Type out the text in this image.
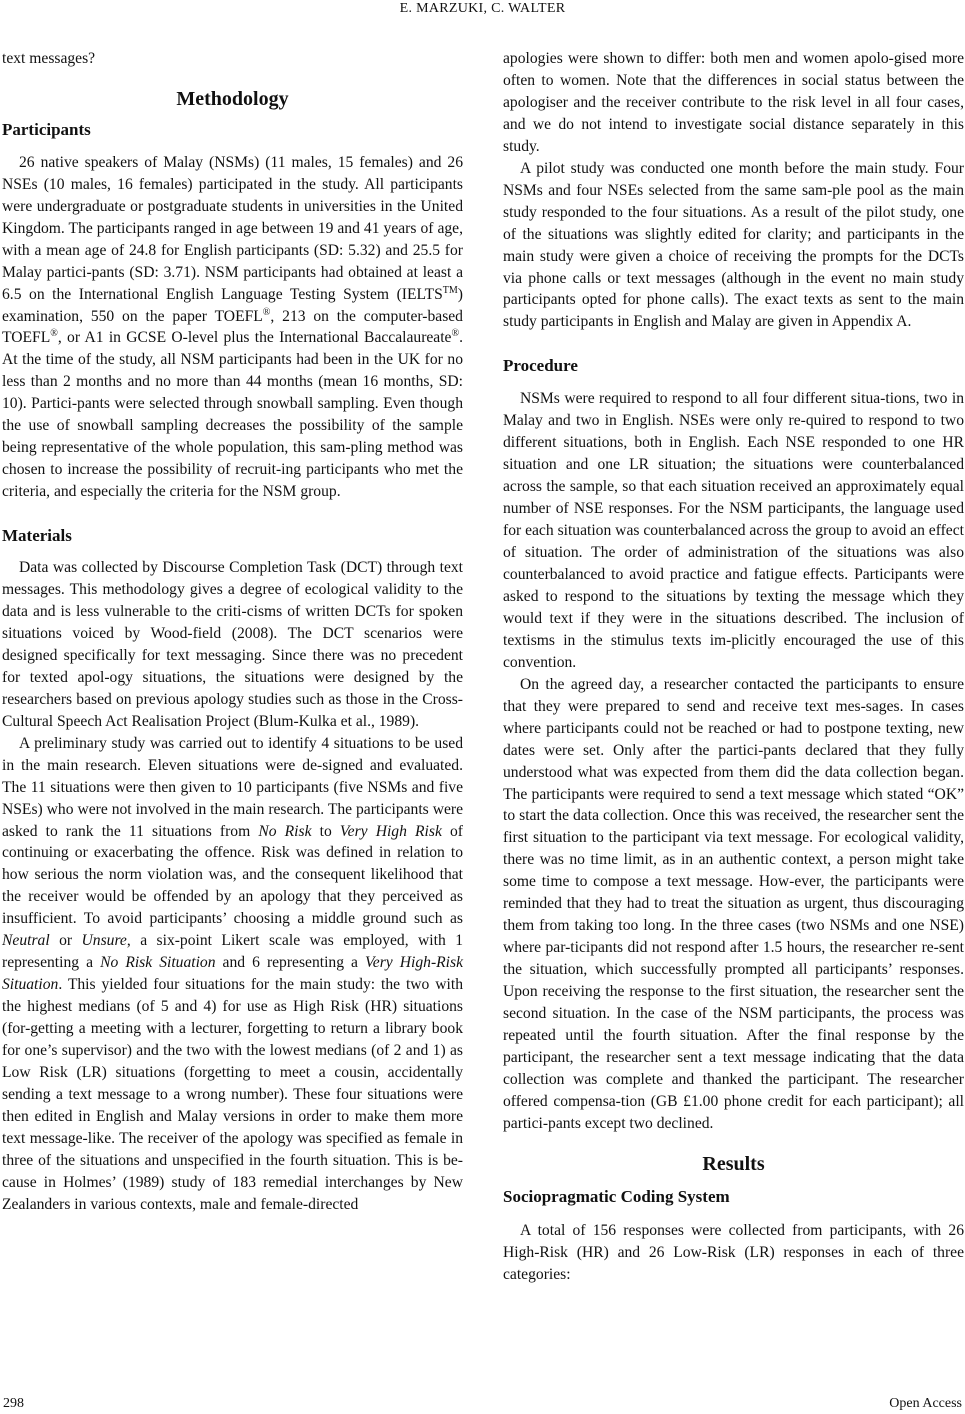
E. MARZUKI, C. WALTER

text messages?

Methodology
Participants

26 native speakers of Malay (NSMs) (11 males, 15 females) and 26 NSEs (10 males, 16 females) participated in the study. All participants were undergraduate or postgraduate students in universities in the United Kingdom. The participants ranged in age between 19 and 41 years of age, with a mean age of 24.8 for English participants (SD: 5.32) and 25.5 for Malay partici-pants (SD: 3.71). NSM participants had obtained at least a 6.5 on the International English Language Testing System (IELTS™) examination, 550 on the paper TOEFL®, 213 on the computer-based TOEFL®, or A1 in GCSE O-level plus the International Baccalaureate®. At the time of the study, all NSM participants had been in the UK for no less than 2 months and no more than 44 months (mean 16 months, SD: 10). Partici-pants were selected through snowball sampling. Even though the use of snowball sampling decreases the possibility of the sample being representative of the whole population, this sam-pling method was chosen to increase the possibility of recruit-ing participants who met the criteria, and especially the criteria for the NSM group.

Materials

Data was collected by Discourse Completion Task (DCT) through text messages. This methodology gives a degree of ecological validity to the data and is less vulnerable to the criti-cisms of written DCTs for spoken situations voiced by Wood-field (2008). The DCT scenarios were designed specifically for text messaging. Since there was no precedent for texted apol-ogy situations, the situations were designed by the researchers based on previous apology studies such as those in the Cross-Cultural Speech Act Realisation Project (Blum-Kulka et al., 1989).

A preliminary study was carried out to identify 4 situations to be used in the main research. Eleven situations were de-signed and evaluated. The 11 situations were then given to 10 participants (five NSMs and five NSEs) who were not involved in the main research. The participants were asked to rank the 11 situations from No Risk to Very High Risk of continuing or exacerbating the offence. Risk was defined in relation to how serious the norm violation was, and the consequent likelihood that the receiver would be offended by an apology that they perceived as insufficient. To avoid participants’ choosing a middle ground such as Neutral or Unsure, a six-point Likert scale was employed, with 1 representing a No Risk Situation and 6 representing a Very High-Risk Situation. This yielded four situations for the main study: the two with the highest medians (of 5 and 4) for use as High Risk (HR) situations (for-getting a meeting with a lecturer, forgetting to return a library book for one’s supervisor) and the two with the lowest medians (of 2 and 1) as Low Risk (LR) situations (forgetting to meet a cousin, accidentally sending a text message to a wrong number). These four situations were then edited in English and Malay versions in order to make them more text message-like. The receiver of the apology was specified as female in three of the situations and unspecified in the fourth situation. This is be-cause in Holmes’ (1989) study of 183 remedial interchanges by New Zealanders in various contexts, male and female-directed

apologies were shown to differ: both men and women apolo-gised more often to women. Note that the differences in social status between the apologiser and the receiver contribute to the risk level in all four cases, and we do not intend to investigate social distance separately in this study.

A pilot study was conducted one month before the main study. Four NSMs and four NSEs selected from the same sam-ple pool as the main study responded to the four situations. As a result of the pilot study, one of the situations was slightly edited for clarity; and participants in the main study were given a choice of receiving the prompts for the DCTs via phone calls or text messages (although in the event no main study participants opted for phone calls). The exact texts as sent to the main study participants in English and Malay are given in Appendix A.

Procedure

NSMs were required to respond to all four different situa-tions, two in Malay and two in English. NSEs were only re-quired to respond to two different situations, both in English. Each NSE responded to one HR situation and one LR situation; the situations were counterbalanced across the sample, so that each situation received an approximately equal number of NSE responses. For the NSM participants, the language used for each situation was counterbalanced across the group to avoid an effect of situation. The order of administration of the situations was also counterbalanced to avoid practice and fatigue effects. Participants were asked to respond to the situations by texting the message which they would text if they were in the situations described. The inclusion of textisms in the stimulus texts im-plicitly encouraged the use of this convention.

On the agreed day, a researcher contacted the participants to ensure that they were prepared to send and receive text mes-sages. In cases where participants could not be reached or had to postpone texting, new dates were set. Only after the partici-pants declared that they fully understood what was expected from them did the data collection began. The participants were required to send a text message which stated “OK” to start the data collection. Once this was received, the researcher sent the first situation to the participant via text message. For ecological validity, there was no time limit, as in an authentic context, a person might take some time to compose a text message. How-ever, the participants were reminded that they had to treat the situation as urgent, thus discouraging them from taking too long. In the three cases (two NSMs and one NSE) where par-ticipants did not respond after 1.5 hours, the researcher re-sent the situation, which successfully prompted all participants’ responses. Upon receiving the response to the first situation, the researcher sent the second situation. In the case of the NSM participants, the process was repeated until the fourth situation. After the final response by the participant, the researcher sent a text message indicating that the data collection was complete and thanked the participant. The researcher offered compensa-tion (GB £1.00 phone credit for each participant); all partici-pants except two declined.

Results
Sociopragmatic Coding System

A total of 156 responses were collected from participants, with 26 High-Risk (HR) and 26 Low-Risk (LR) responses in each of three categories:

298	Open Access
